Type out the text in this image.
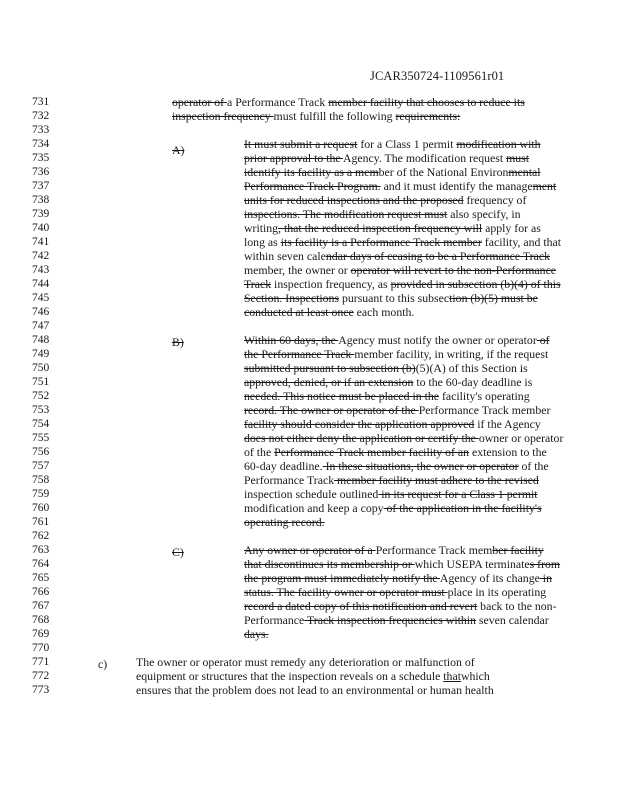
JCAR350724-1109561r01
731
732
733
734
735
736
737
738
739
740
741
742
743
744
745
746
747
748
749
750
751
752
753
754
755
756
757
758
759
760
761
762
763
764
765
766
767
768
769
770
771
772
773
operator of a Performance Track member facility that chooses to reduce its
inspection frequency must fulfill the following requirements:
A)	It must submit a request for a Class 1 permit modification with
prior approval to the Agency. The modification request must
identify its facility as a member of the National Environmental
Performance Track Program. and it must identify the management
units for reduced inspections and the proposed frequency of
inspections. The modification request must also specify, in
writing, that the reduced inspection frequency will apply for as
long as its facility is a Performance Track member facility, and that
within seven calendar days of ceasing to be a Performance Track
member, the owner or operator will revert to the non-Performance
Track inspection frequency, as provided in subsection (b)(4) of this
Section. Inspections pursuant to this subsection (b)(5) must be
conducted at least once each month.
B)	Within 60 days, the Agency must notify the owner or operator of
the Performance Track member facility, in writing, if the request
submitted pursuant to subsection (b)(5)(A) of this Section is
approved, denied, or if an extension to the 60-day deadline is
needed. This notice must be placed in the facility's operating
record. The owner or operator of the Performance Track member
facility should consider the application approved if the Agency
does not either deny the application or certify the owner or operator
of the Performance Track member facility of an extension to the
60-day deadline. In these situations, the owner or operator of the
Performance Track member facility must adhere to the revised
inspection schedule outlined in its request for a Class 1 permit
modification and keep a copy of the application in the facility's
operating record.
C)	Any owner or operator of a Performance Track member facility
that discontinues its membership or which USEPA terminates from
the program must immediately notify the Agency of its change in
status. The facility owner or operator must place in its operating
record a dated copy of this notification and revert back to the non-
Performance Track inspection frequencies within seven calendar
days.
c) The owner or operator must remedy any deterioration or malfunction of
equipment or structures that the inspection reveals on a schedule thatwhich
ensures that the problem does not lead to an environmental or human health
